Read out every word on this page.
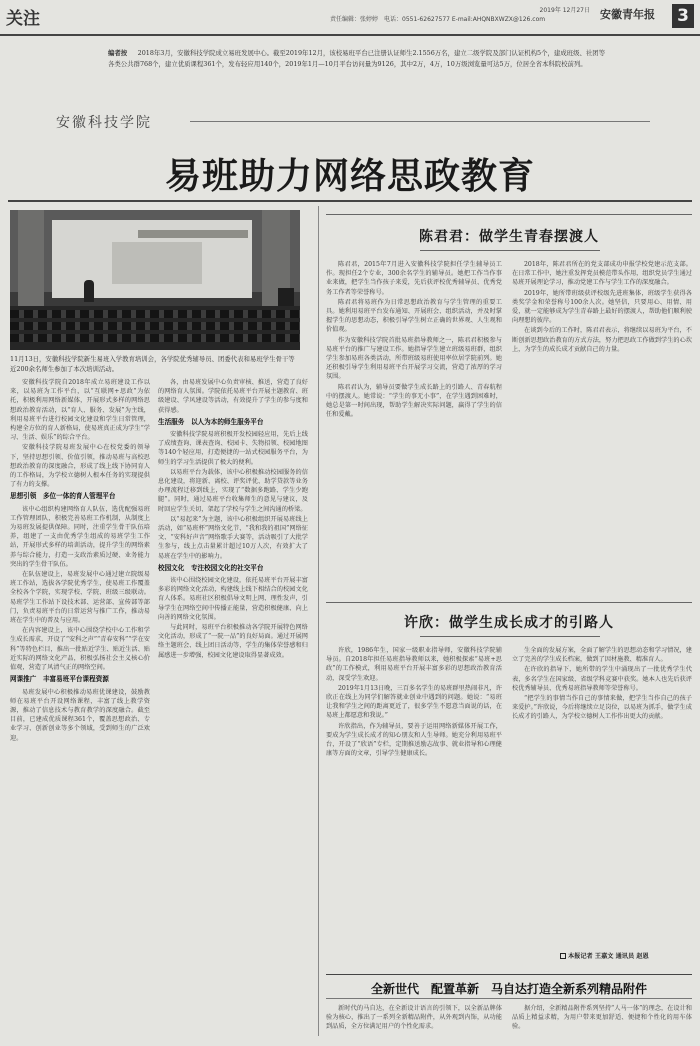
关注	2019年 12月27日
责任编辑：张婷婷　电话：0551-62627577 E-mail:AHQNBXWZX@126.com	安徽青年报 3
编者按 　 2018年3月，安徽科技学院成立易班发展中心。截至2019年12月，该校易班平台已注册认证师生2.1556万名，建立二级学院及部门认证机构5个，建成班级、社团等各类公共群768个，建立优质课程361个，发布轻应用140个，2019年1月—10月平台访问量为9126，其中2万，4万，10万级浏览量可达5万，位居全省本科院校前列。
安徽科技学院
易班助力网络思政教育
11月13日，安徽科技学院新生易班入学教育培训会，各学院优秀辅导员、团委代表和易班学生骨干等近200余名师生参加了本次培训活动。

安徽科技学院自2018年成立易班建设工作以来，以易班为工作平台，以“互联网+思政”为依托，积极利用网络新媒体，开展形式多样的网络思想政治教育活动，以“育人、服务、发展”为主线，利用易班平台进行校园文化建设和学生日常管理，构建全方位的育人新格局，使易班真正成为学生“学习、生活、娱乐”的综合平台。

安徽科技学院易班发展中心在校党委的领导下，坚持思想引领、价值引领，推动易班与高校思想政治教育的深度融合，形成了线上线下协同育人的工作格局，为学校立德树人根本任务的实现提供了有力的支撑。

思想引领　多位一体的育人管理平台

该中心组织构建网络育人队伍，选优配强易班工作管理团队，积极完善易班工作机制，从制度上为易班发展提供保障。同时，注重学生骨干队伍培养，组建了一支由优秀学生组成的易班学生工作站，开展形式多样的培训活动，提升学生的网络素养与综合能力，打造一支政治素质过硬、业务能力突出的学生骨干队伍。

在队伍建设上，易班发展中心通过建立院级易班工作站，选拔各学院优秀学生，使易班工作覆盖全校各个学院，实现学校、学院、班级三级联动。易班学生工作站下设技术部、运营部、宣传部等部门，负责易班平台的日常运营与推广工作，推动易班在学生中的普及与应用。

在内容建设上，该中心围绕学校中心工作和学生成长需求，开设了“安科之声”“青春安科”“学在安科”等特色栏目，推出一批贴近学生、贴近生活、贴近实际的网络文化产品，积极弘扬社会主义核心价值观，营造了风清气正的网络空间。

网课推广　丰富易班平台课程资源

易班发展中心积极推动易班优课建设，鼓励教师在易班平台开设网络课程，丰富了线上教学资源，推动了信息技术与教育教学的深度融合。截至目前，已建成优质课程361个，覆盖思想政治、专业学习、创新创业等多个领域，受到师生的广泛欢迎。

各，由易班发展中心负责审核、推送，营造了良好的网络育人氛围。学院依托易班平台开展主题教育、班级建设、学风建设等活动，有效提升了学生的参与度和获得感。

生活服务　以人为本的师生服务平台

安徽科技学院易班积极开发校园轻应用，先后上线了成绩查询、课表查询、校园卡、失物招领、校园地图等140个轻应用，打造便捷的一站式校园服务平台，为师生的学习生活提供了极大的便利。

以易班平台为载体，该中心积极推动校园服务的信息化建设，将迎新、离校、评奖评优、助学贷款等业务办理流程迁移到线上，实现了“数据多跑路、学生少跑腿”。同时，通过易班平台收集师生的意见与建议，及时回应学生关切，架起了学校与学生之间沟通的桥梁。

以“易起来”为主题，该中心积极组织开展易班线上活动，如“易班杯”网络文化节、“我和我的祖国”网络征文、“安科好声音”网络歌手大赛等，活动吸引了大批学生参与，线上点击量累计超过10万人次，有效扩大了易班在学生中的影响力。

校园文化　专注校园文化的社交平台

该中心围绕校园文化建设，依托易班平台开展丰富多彩的网络文化活动，构建线上线下相结合的校园文化育人体系。易班社区积极倡导文明上网、理性发声，引导学生在网络空间中传播正能量，营造积极健康、向上向善的网络文化氛围。

与此同时，易班平台积极推动各学院开展特色网络文化活动，形成了“一院一品”的良好局面。通过开展网络主题班会、线上团日活动等，学生的集体荣誉感和归属感进一步增强，校园文化建设取得显著成效。

陈君君：做学生青春摆渡人

陈君君，2015年7月进入安徽科技学院担任学生辅导员工作。现担任2个专业，300余名学生的辅导员。她把工作当作事业来做，把学生当作孩子来爱，先后获评校优秀辅导员、优秀党务工作者等荣誉称号。

陈君君将易班作为日常思想政治教育与学生管理的重要工具。她利用易班平台发布通知、开展班会、组织活动，并及时掌握学生的思想动态，积极引导学生树立正确的世界观、人生观和价值观。

作为安徽科技学院首批易班指导教师之一，陈君君积极参与易班平台的推广与建设工作。她指导学生建立班级易班群，组织学生参加易班各类活动，所带班级易班使用率位居学院前列。她还积极引导学生利用易班平台开展学习交流，营造了浓厚的学习氛围。

陈君君认为，辅导员要做学生成长路上的引路人、青春航程中的摆渡人。她常说：“学生的事无小事”，在学生遇到困难时，她总是第一时间出现，帮助学生解决实际问题，赢得了学生的信任和爱戴。

2018年，陈君君所在的党支部成功申报学校党建示范支部。在日常工作中，她注重发挥党员模范带头作用，组织党员学生通过易班开展理论学习，推动党建工作与学生工作的深度融合。

2019年，她所带班级获评校级先进班集体，班级学生获得各类奖学金和荣誉称号100余人次。她坚信，只要用心、用情、用爱，就一定能够成为学生青春路上最好的摆渡人，帮助他们顺利驶向理想的彼岸。

在谈到今后的工作时，陈君君表示，将继续以易班为平台，不断创新思想政治教育的方式方法，努力把思政工作做到学生的心坎上，为学生的成长成才贡献自己的力量。

许欣：做学生成长成才的引路人

许欣，1986年生，国家一级职业指导师，安徽科技学院辅导员。自2018年担任易班指导教师以来，她积极探索“易班+思政”的工作模式，利用易班平台开展丰富多彩的思想政治教育活动，深受学生欢迎。

2019年1月13日晚，三百多名学生的易班群里热闹非凡，许欣正在线上为同学们解答就业创业中遇到的问题。她说：“易班让我和学生之间的距离更近了，很多学生不愿意当面说的话，在易班上都愿意和我说。”

许欣指出，作为辅导员，要善于运用网络新媒体开展工作，要成为学生成长成才的知心朋友和人生导师。她充分利用易班平台，开设了“欣语”专栏，定期推送励志故事、就业指导和心理健康等方面的文章，引导学生健康成长。

生全面的发展方案，全面了解学生的思想动态和学习情况，建立了完善的学生成长档案，做到了因材施教、精准育人。

在许欣的指导下，她所带的学生中涌现出了一批优秀学生代表，多名学生在国家级、省级学科竞赛中获奖。她本人也先后获评校优秀辅导员、优秀易班指导教师等荣誉称号。

“把学生的事情当作自己的事情来做，把学生当作自己的孩子来爱护。”许欣说，今后将继续立足岗位，以易班为抓手，做学生成长成才的引路人，为学校立德树人工作作出更大的贡献。

本报记者 王嘉文 通讯员 赵恩
全新世代　配置革新　马自达打造全新系列精品附件

新时代的马自达，在全新设计语言的引领下，以全新品牌体验为核心，推出了一系列全新精品附件，从外观到内饰，从功能到品质，全方位满足用户的个性化需求。

据介绍，全新精品附件系列坚持“人马一体”的理念，在设计和品质上精益求精，为用户带来更加舒适、便捷和个性化的用车体验。
